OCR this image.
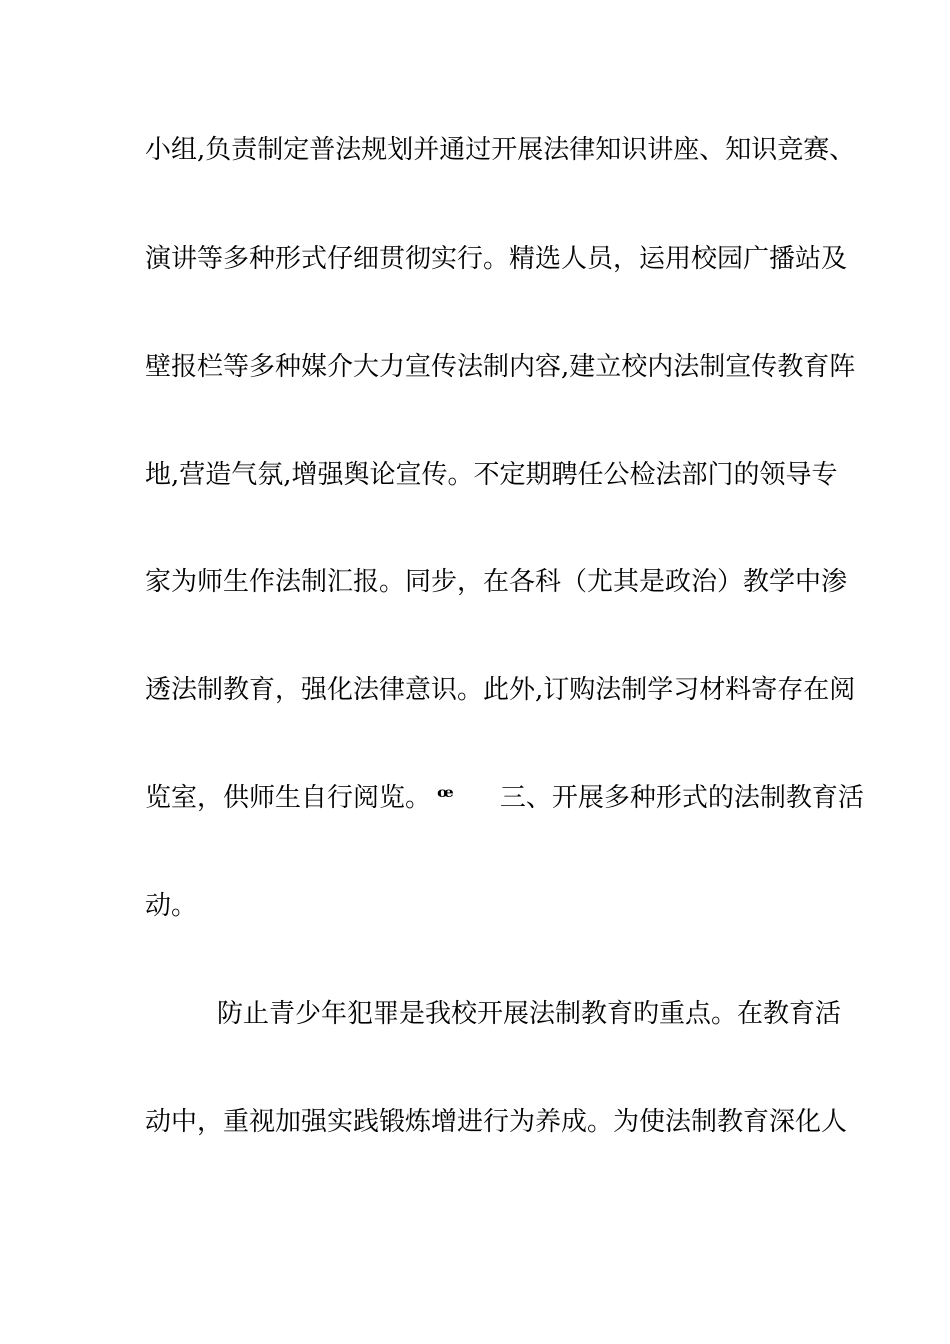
小组,负责制定普法规划并通过开展法律知识讲座、知识竞赛、
演讲等多种形式仔细贯彻实行。精选人员，运用校园广播站及
壁报栏等多种媒介大力宣传法制内容,建立校内法制宣传教育阵
地,营造气氛,增强舆论宣传。不定期聘任公检法部门的领导专
家为师生作法制汇报。同步，在各科（尤其是政治）教学中渗
透法制教育，强化法律意识。此外,订购法制学习材料寄存在阅
览室，供师生自行阅览。 ꟹ 三、开展多种形式的法制教育活
动。
防止青少年犯罪是我校开展法制教育旳重点。在教育活
动中，重视加强实践锻炼增进行为养成。为使法制教育深化人
